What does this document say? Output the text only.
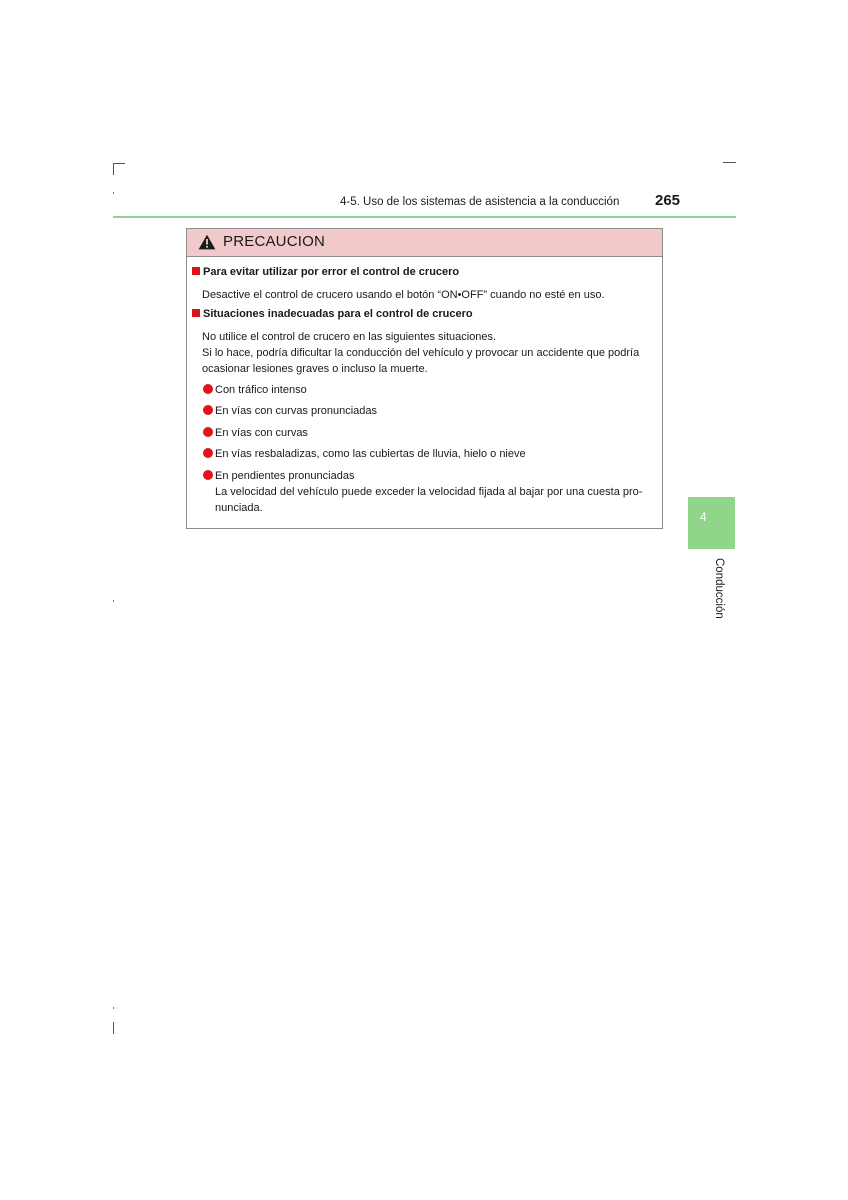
4-5. Uso de los sistemas de asistencia a la conducción 265
4
Conducción
PRECAUCION
Para evitar utilizar por error el control de crucero
Desactive el control de crucero usando el botón “ON•OFF” cuando no esté en uso.
Situaciones inadecuadas para el control de crucero
No utilice el control de crucero en las siguientes situaciones.
Si lo hace, podría dificultar la conducción del vehículo y provocar un accidente que podría
ocasionar lesiones graves o incluso la muerte.
Con tráfico intenso
En vías con curvas pronunciadas
En vías con curvas
En vías resbaladizas, como las cubiertas de lluvia, hielo o nieve
En pendientes pronunciadas
La velocidad del vehículo puede exceder la velocidad fijada al bajar por una cuesta pro-
nunciada.
